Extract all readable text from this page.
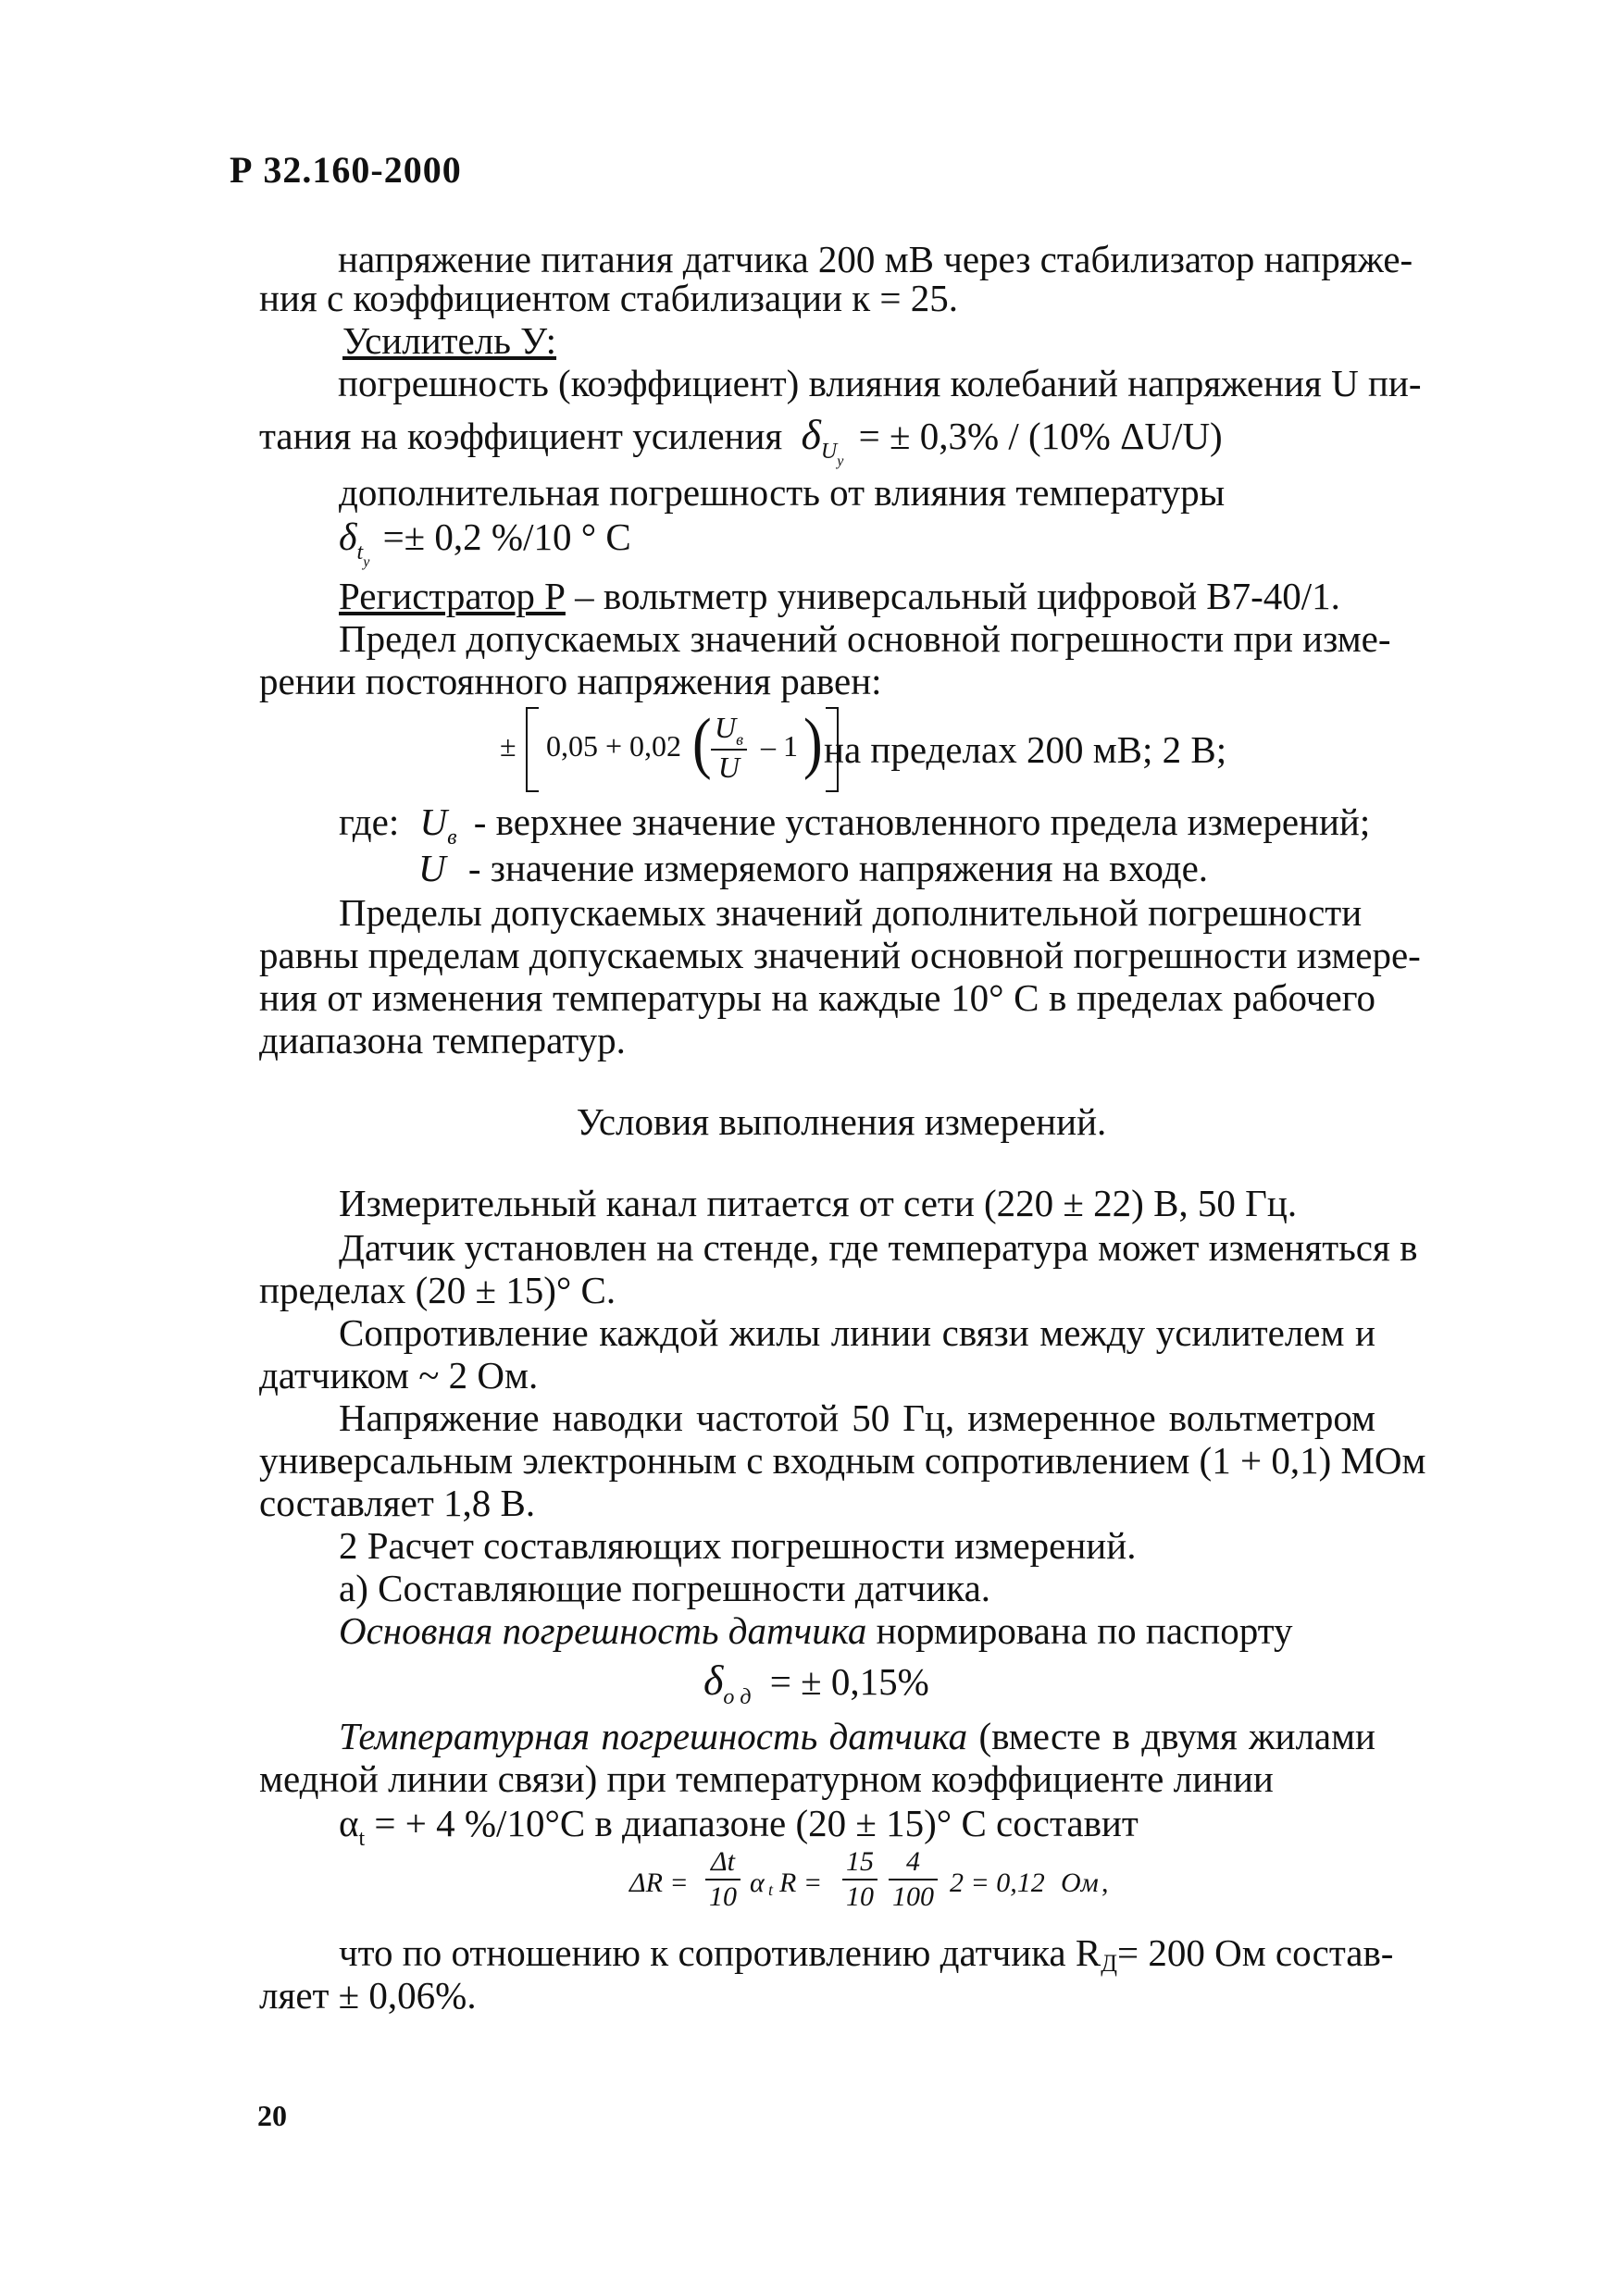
Р 32.160-2000
напряжение питания датчика 200 мВ через стабилизатор напряже-
ния с коэффициентом стабилизации к = 25.
Усилитель У:
погрешность (коэффициент) влияния колебаний напряжения U пи-
тания на коэффициент усиления $\delta_{Uу}$ = ± 0,3% / (10% ΔU/U)
дополнительная погрешность от влияния температуры
$\delta_{tу} =\pm 0,2$ %/10 ° С
Регистратор Р – вольтметр универсальный цифровой В7-40/1.
Предел допускаемых значений основной погрешности при изме-
рении постоянного напряжения равен:
± 0,05 + 0,02 ( $U_в$
U
– 1 ) на пределах 200 мВ; 2 В;
где: $U_в$ - верхнее значение установленного предела измерений;
U - значение измеряемого напряжения на входе.
Пределы допускаемых значений дополнительной погрешности
равны пределам допускаемых значений основной погрешности измере-
ния от изменения температуры на каждые 10° С в пределах рабочего
диапазона температур.
Условия выполнения измерений.
Измерительный канал питается от сети (220 ± 22) В, 50 Гц.
Датчик установлен на стенде, где температура может изменяться в
пределах (20 ± 15)° С.
Сопротивление каждой жилы линии связи между усилителем и
датчиком ~ 2 Ом.
Напряжение наводки частотой 50 Гц, измеренное вольтметром
универсальным электронным с входным сопротивлением (1 + 0,1) МОм
составляет 1,8 В.
2 Расчет составляющих погрешности измерений.
а) Составляющие погрешности датчика.
Основная погрешность датчика нормирована по паспорту
$\delta_{о д}$ = ± 0,15%
Температурная погрешность датчика (вместе в двумя жилами
медной линии связи) при температурном коэффициенте линии
$\alpha_t$ = + 4 %/10°С в диапазоне (20 ± 15)° С составит
$\Delta R = \frac{\Delta t}{10}$ α t $R = \frac{15}{10} \frac{4}{100} 2 = 0,12$ Ом ,
что по отношению к сопротивлению датчика RД= 200 Ом состав-
ляет ± 0,06%.
20
